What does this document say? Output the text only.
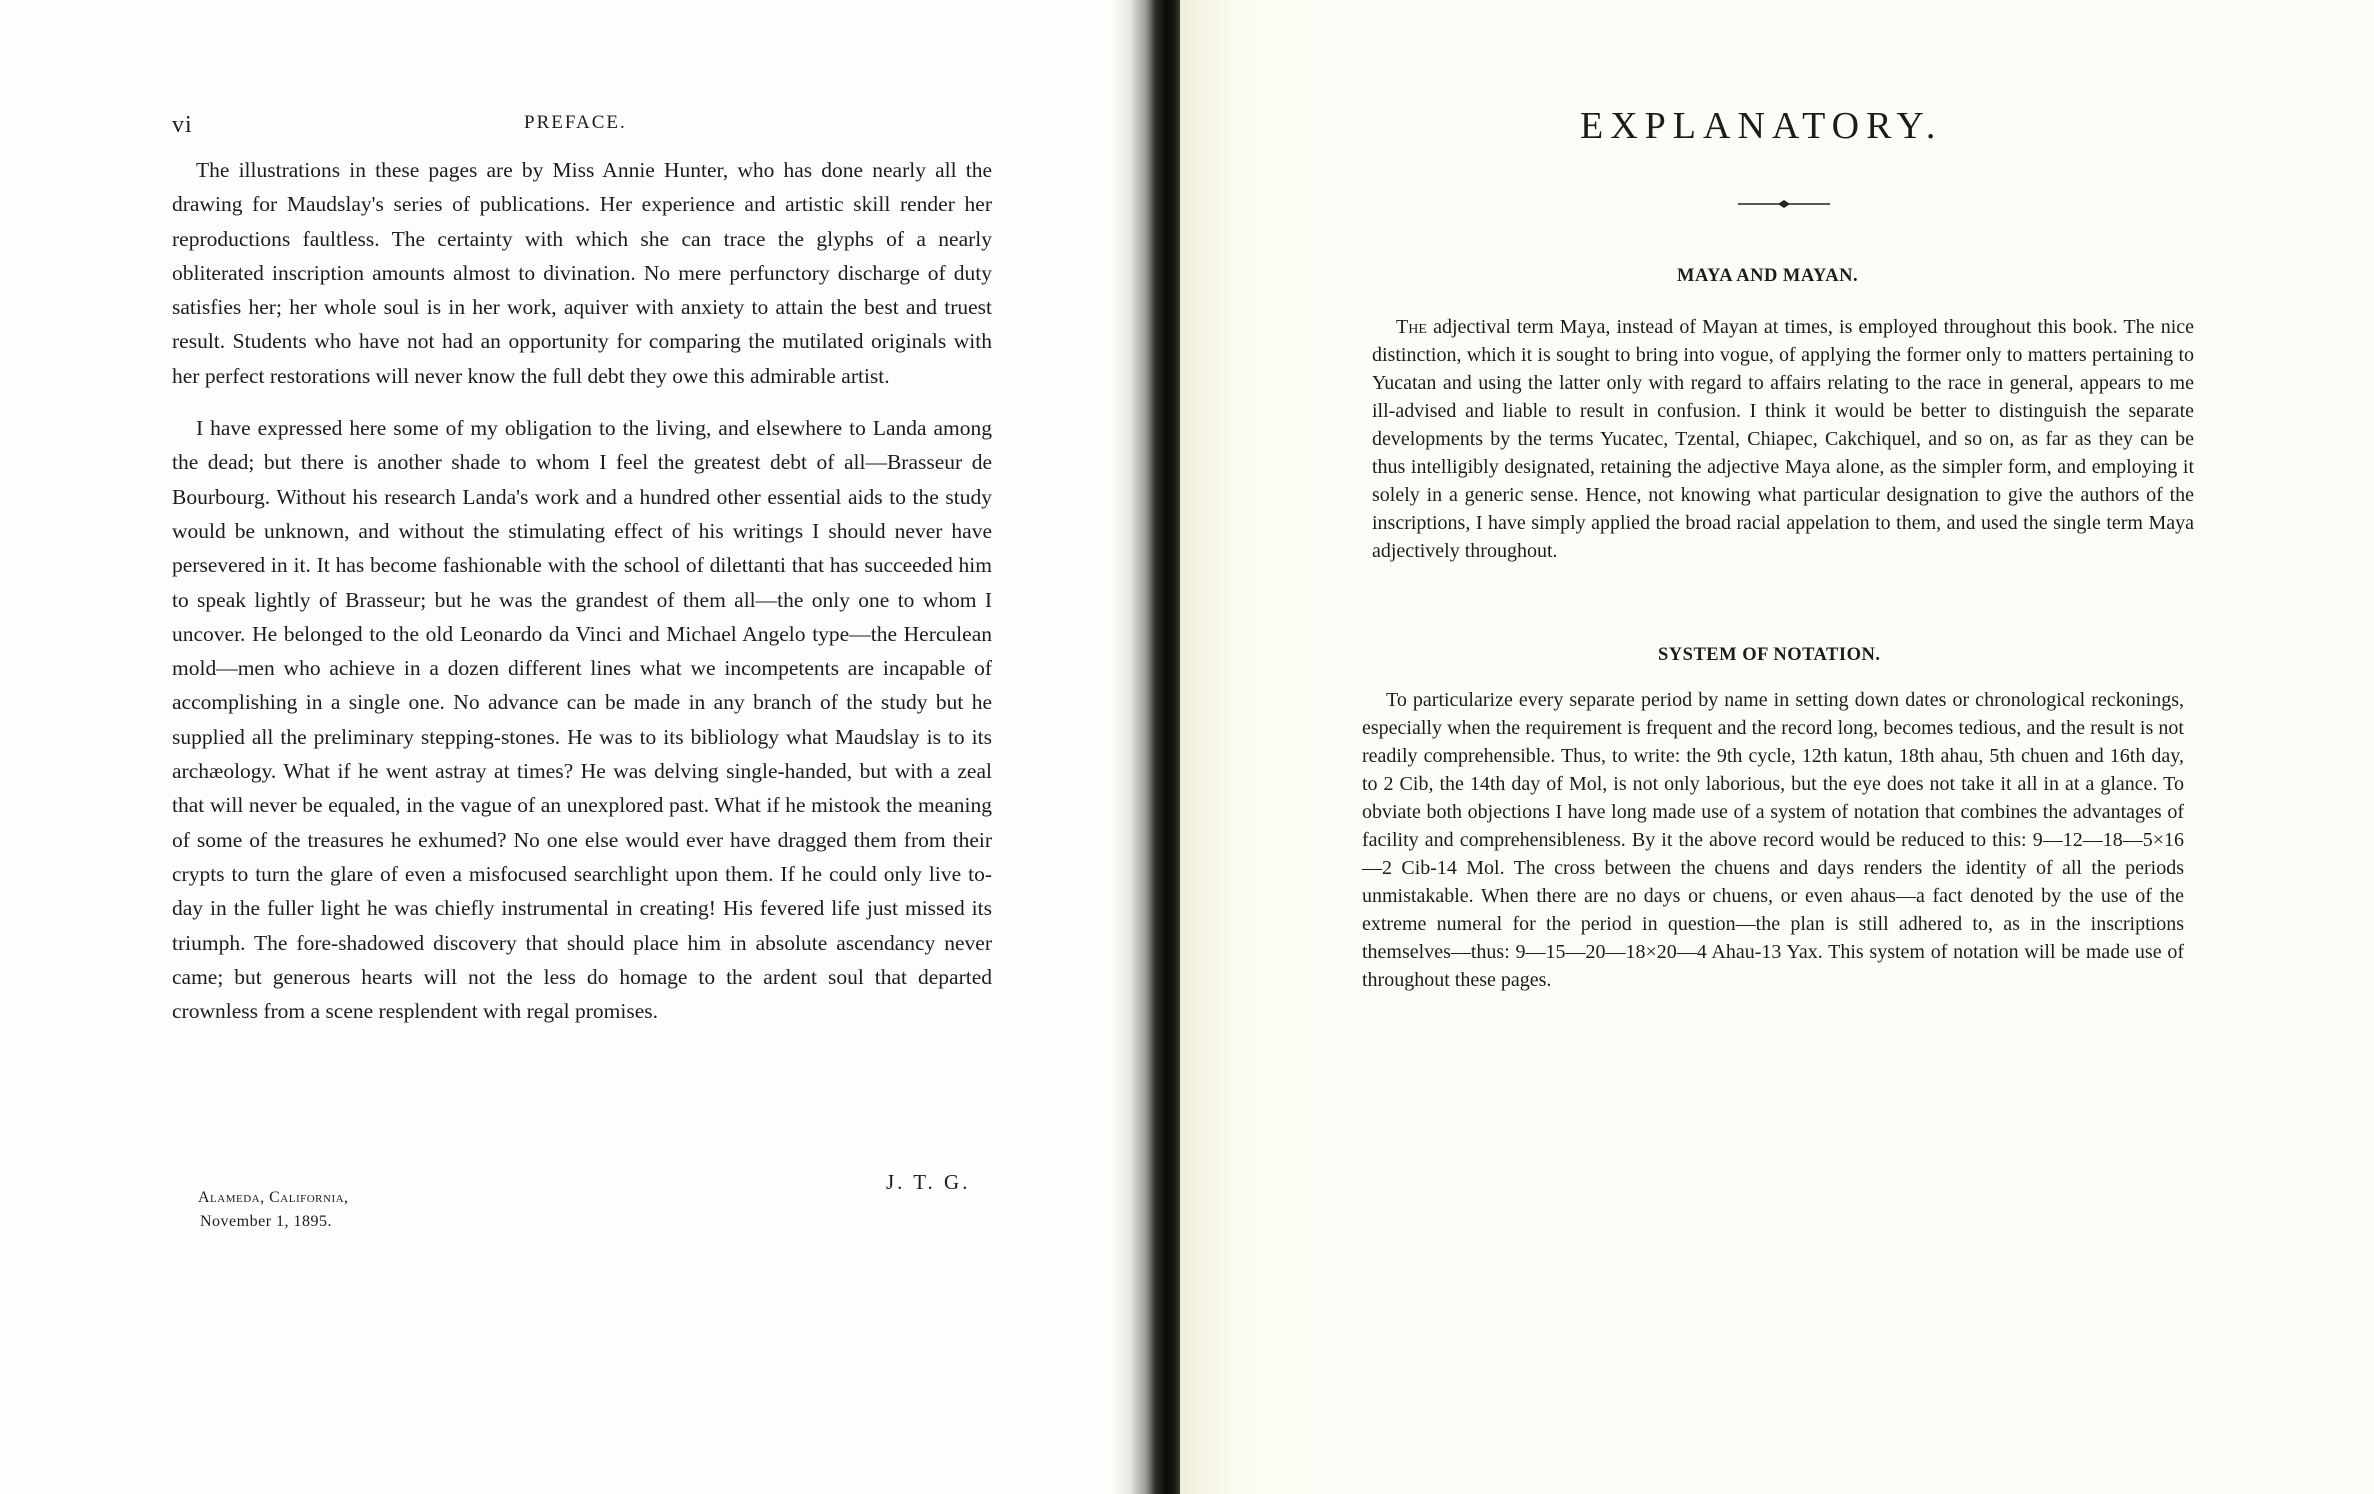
vi	PREFACE.

The illustrations in these pages are by Miss Annie Hunter, who has done nearly all the drawing for Maudslay's series of publications. Her experience and artistic skill render her reproductions faultless. The certainty with which she can trace the glyphs of a nearly obliterated inscription amounts almost to divination. No mere perfunctory discharge of duty satisfies her; her whole soul is in her work, aquiver with anxiety to attain the best and truest result. Students who have not had an opportunity for comparing the mutilated originals with her perfect restorations will never know the full debt they owe this admirable artist.

I have expressed here some of my obligation to the living, and elsewhere to Landa among the dead; but there is another shade to whom I feel the greatest debt of all—Brasseur de Bourbourg. Without his research Landa's work and a hundred other essential aids to the study would be unknown, and without the stimulating effect of his writings I should never have persevered in it. It has become fashionable with the school of dilettanti that has succeeded him to speak lightly of Brasseur; but he was the grandest of them all—the only one to whom I uncover. He belonged to the old Leonardo da Vinci and Michael Angelo type—the Herculean mold—men who achieve in a dozen different lines what we incompetents are incapable of accomplishing in a single one. No advance can be made in any branch of the study but he supplied all the preliminary stepping-stones. He was to its bibliology what Maudslay is to its archæology. What if he went astray at times? He was delving single-handed, but with a zeal that will never be equaled, in the vague of an unexplored past. What if he mistook the meaning of some of the treasures he exhumed? No one else would ever have dragged them from their crypts to turn the glare of even a misfocused searchlight upon them. If he could only live to-day in the fuller light he was chiefly instrumental in creating! His fevered life just missed its triumph. The fore-shadowed discovery that should place him in absolute ascendancy never came; but generous hearts will not the less do homage to the ardent soul that departed crownless from a scene resplendent with regal promises.

Alameda, California,
November 1, 1895.
J. T. G.
EXPLANATORY.
MAYA AND MAYAN.

The adjectival term Maya, instead of Mayan at times, is employed throughout this book. The nice distinction, which it is sought to bring into vogue, of applying the former only to matters pertaining to Yucatan and using the latter only with regard to affairs relating to the race in general, appears to me ill-advised and liable to result in confusion. I think it would be better to distinguish the separate developments by the terms Yucatec, Tzental, Chiapec, Cakchiquel, and so on, as far as they can be thus intelligibly designated, retaining the adjective Maya alone, as the simpler form, and employing it solely in a generic sense. Hence, not knowing what particular designation to give the authors of the inscriptions, I have simply applied the broad racial appelation to them, and used the single term Maya adjectively throughout.

SYSTEM OF NOTATION.

To particularize every separate period by name in setting down dates or chronological reckonings, especially when the requirement is frequent and the record long, becomes tedious, and the result is not readily comprehensible. Thus, to write: the 9th cycle, 12th katun, 18th ahau, 5th chuen and 16th day, to 2 Cib, the 14th day of Mol, is not only laborious, but the eye does not take it all in at a glance. To obviate both objections I have long made use of a system of notation that combines the advantages of facility and comprehensibleness. By it the above record would be reduced to this: 9—12—18—5×16—2 Cib-14 Mol. The cross between the chuens and days renders the identity of all the periods unmistakable. When there are no days or chuens, or even ahaus—a fact denoted by the use of the extreme numeral for the period in question—the plan is still adhered to, as in the inscriptions themselves—thus: 9—15—20—18×20—4 Ahau-13 Yax. This system of notation will be made use of throughout these pages.
